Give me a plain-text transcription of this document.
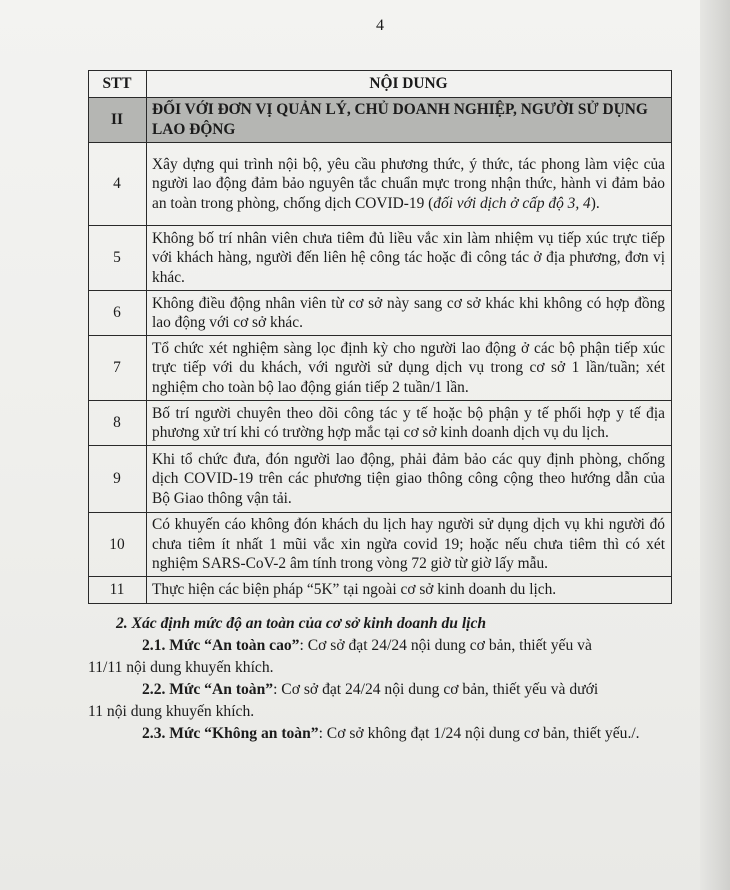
4
STT	NỘI DUNG
II	ĐỐI VỚI ĐƠN VỊ QUẢN LÝ, CHỦ DOANH NGHIỆP, NGƯỜI SỬ DỤNG LAO ĐỘNG
4	Xây dựng qui trình nội bộ, yêu cầu phương thức, ý thức, tác phong làm việc của người lao động đảm bảo nguyên tắc chuẩn mực trong nhận thức, hành vi đảm bảo an toàn trong phòng, chống dịch COVID-19 (đối với dịch ở cấp độ 3, 4).
5	Không bố trí nhân viên chưa tiêm đủ liều vắc xin làm nhiệm vụ tiếp xúc trực tiếp với khách hàng, người đến liên hệ công tác hoặc đi công tác ở địa phương, đơn vị khác.
6	Không điều động nhân viên từ cơ sở này sang cơ sở khác khi không có hợp đồng lao động với cơ sở khác.
7	Tổ chức xét nghiệm sàng lọc định kỳ cho người lao động ở các bộ phận tiếp xúc trực tiếp với du khách, với người sử dụng dịch vụ trong cơ sở 1 lần/tuần; xét nghiệm cho toàn bộ lao động gián tiếp 2 tuần/1 lần.
8	Bố trí người chuyên theo dõi công tác y tế hoặc bộ phận y tế phối hợp y tế địa phương xử trí khi có trường hợp mắc tại cơ sở kinh doanh dịch vụ du lịch.
9	Khi tổ chức đưa, đón người lao động, phải đảm bảo các quy định phòng, chống dịch COVID-19 trên các phương tiện giao thông công cộng theo hướng dẫn của Bộ Giao thông vận tải.
10	Có khuyến cáo không đón khách du lịch hay người sử dụng dịch vụ khi người đó chưa tiêm ít nhất 1 mũi vắc xin ngừa covid 19; hoặc nếu chưa tiêm thì có xét nghiệm SARS-CoV-2 âm tính trong vòng 72 giờ từ giờ lấy mẫu.
11	Thực hiện các biện pháp “5K” tại ngoài cơ sở kinh doanh du lịch.

2. Xác định mức độ an toàn của cơ sở kinh doanh du lịch

2.1. Mức “An toàn cao”: Cơ sở đạt 24/24 nội dung cơ bản, thiết yếu và

11/11 nội dung khuyến khích.

2.2. Mức “An toàn”: Cơ sở đạt 24/24 nội dung cơ bản, thiết yếu và dưới

11 nội dung khuyến khích.

2.3. Mức “Không an toàn”: Cơ sở không đạt 1/24 nội dung cơ bản, thiết yếu./.
